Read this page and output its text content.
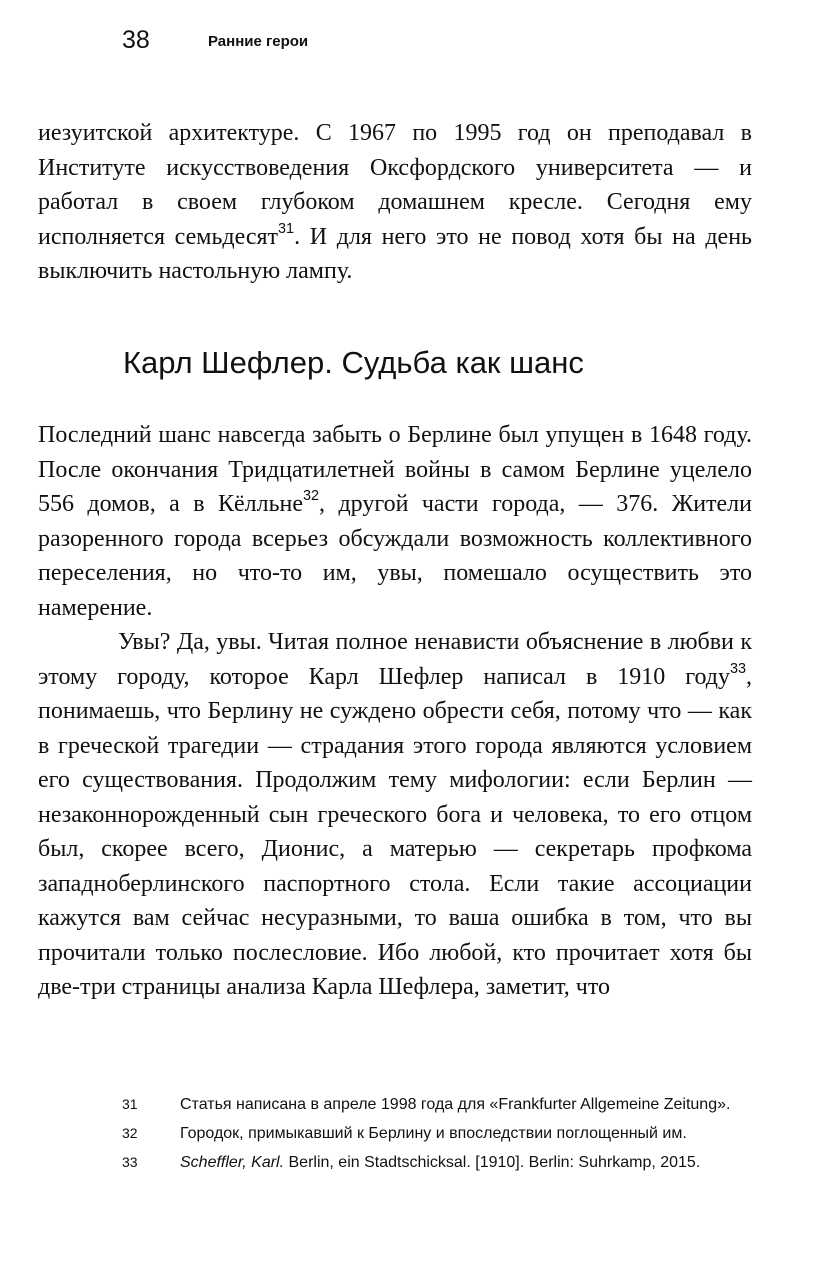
38	Ранние герои

иезуитской архитектуре. С 1967 по 1995 год он преподавал в Институте искусствоведения Оксфордского университета — и работал в своем глубоком домашнем кресле. Сегодня ему исполняется семьдесят$^{31}$. И для него это не повод хотя бы на день выключить настольную лампу.

Карл Шефлер. Судьба как шанс

Последний шанс навсегда забыть о Берлине был упущен в 1648 году. После окончания Тридцатилетней войны в самом Берлине уцелело 556 домов, а в Кёлльне$^{32}$, другой части города, — 376. Жители разоренного города всерьез обсуждали возможность коллективного переселения, но что-то им, увы, помешало осуществить это намерение.

Увы? Да, увы. Читая полное ненависти объяснение в любви к этому городу, которое Карл Шефлер написал в 1910 году$^{33}$, понимаешь, что Берлину не суждено обрести себя, потому что — как в греческой трагедии — страдания этого города являются условием его существования. Продолжим тему мифологии: если Берлин — незаконнорожденный сын греческого бога и человека, то его отцом был, скорее всего, Дионис, а матерью — секретарь профкома западноберлинского паспортного стола. Если такие ассоциации кажутся вам сейчас несуразными, то ваша ошибка в том, что вы прочитали только послесловие. Ибо любой, кто прочитает хотя бы две-три страницы анализа Карла Шефлера, заметит, что

31	Статья написана в апреле 1998 года для «Frankfurter Allgemeine Zeitung».
32	Городок, примыкавший к Берлину и впоследствии поглощенный им.
33	Scheffler, Karl. Berlin, ein Stadtschicksal. [1910]. Berlin: Suhrkamp, 2015.
